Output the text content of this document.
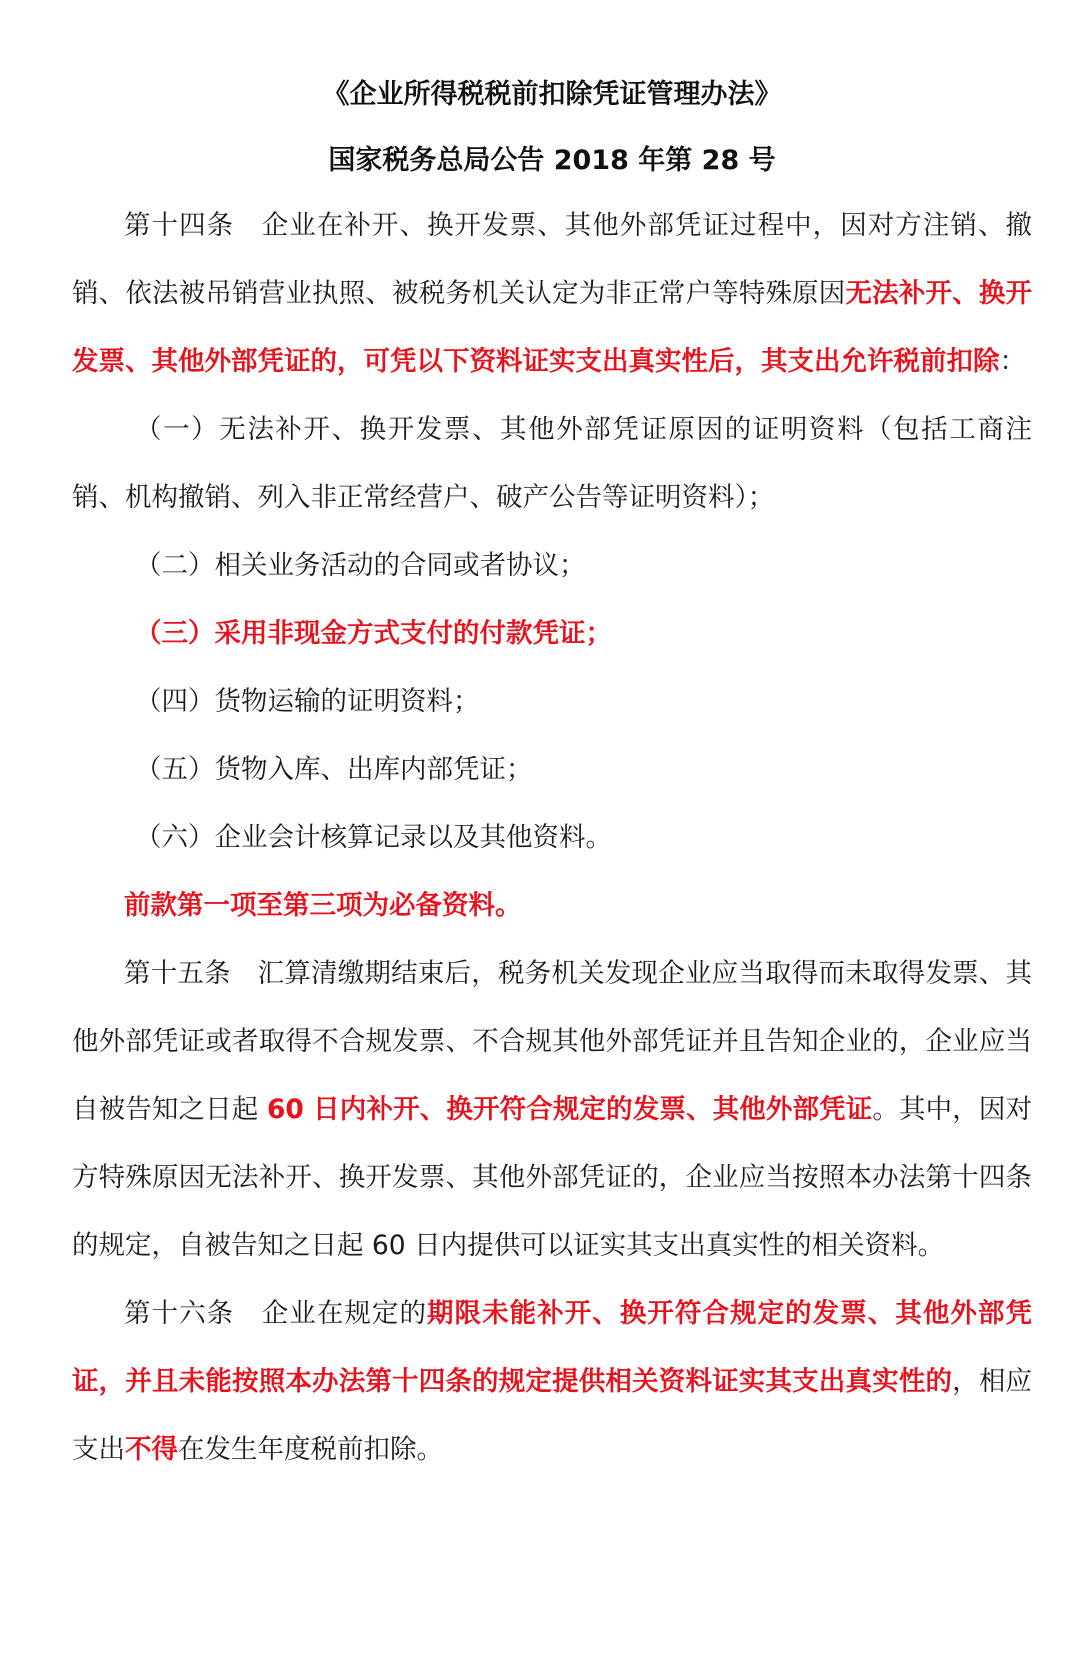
《企业所得税税前扣除凭证管理办法》
国家税务总局公告 2018 年第 28 号

第十四条　企业在补开、换开发票、其他外部凭证过程中，因对方注销、撤销、依法被吊销营业执照、被税务机关认定为非正常户等特殊原因无法补开、换开发票、其他外部凭证的，可凭以下资料证实支出真实性后，其支出允许税前扣除：

（一）无法补开、换开发票、其他外部凭证原因的证明资料（包括工商注销、机构撤销、列入非正常经营户、破产公告等证明资料）；

（二）相关业务活动的合同或者协议；

（三）采用非现金方式支付的付款凭证；

（四）货物运输的证明资料；

（五）货物入库、出库内部凭证；

（六）企业会计核算记录以及其他资料。

前款第一项至第三项为必备资料。

第十五条　汇算清缴期结束后，税务机关发现企业应当取得而未取得发票、其他外部凭证或者取得不合规发票、不合规其他外部凭证并且告知企业的，企业应当自被告知之日起 60 日内补开、换开符合规定的发票、其他外部凭证。其中，因对方特殊原因无法补开、换开发票、其他外部凭证的，企业应当按照本办法第十四条的规定，自被告知之日起 60 日内提供可以证实其支出真实性的相关资料。

第十六条　企业在规定的期限未能补开、换开符合规定的发票、其他外部凭证，并且未能按照本办法第十四条的规定提供相关资料证实其支出真实性的，相应支出不得在发生年度税前扣除。
